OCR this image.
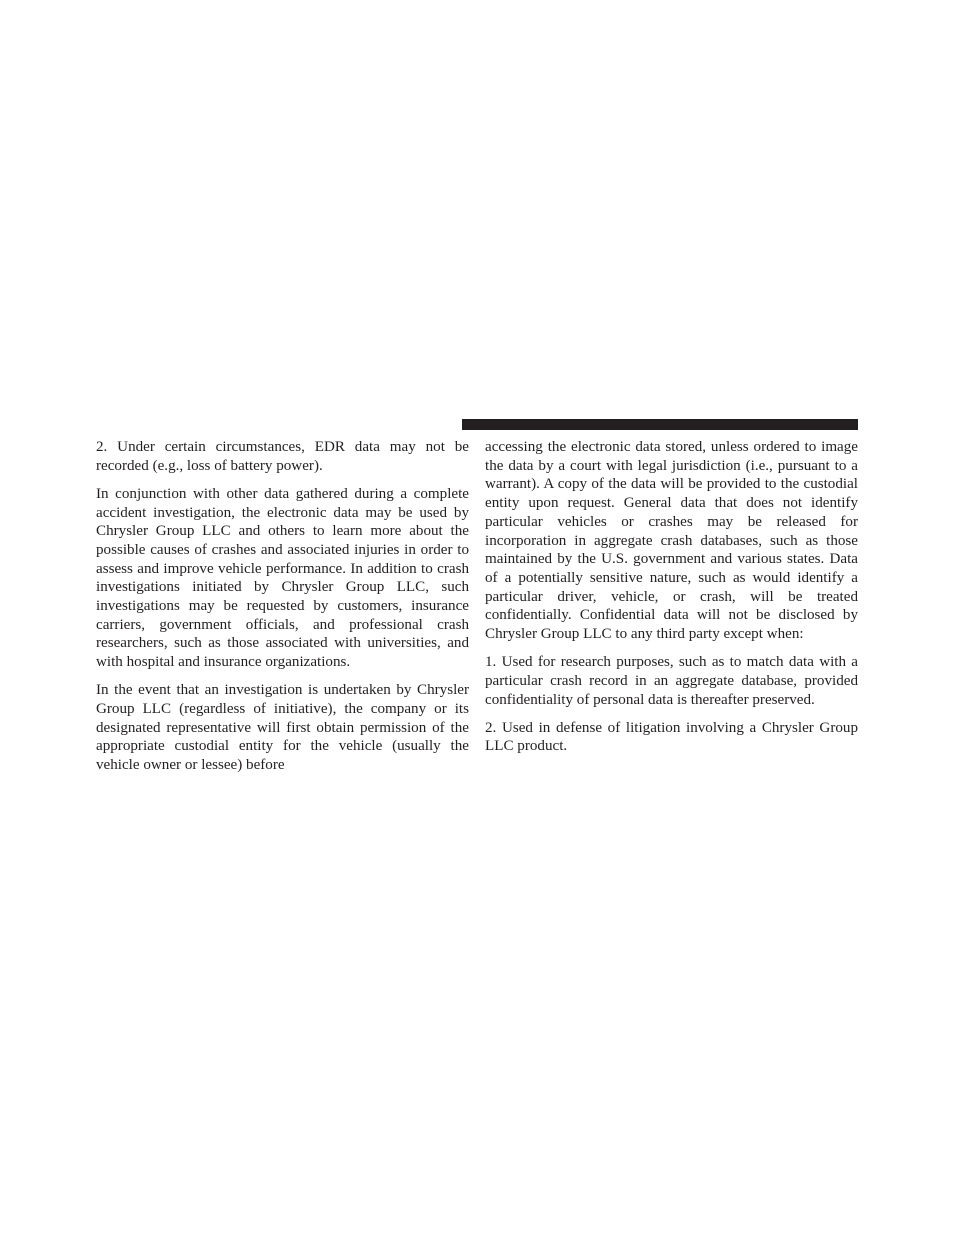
2. Under certain circumstances, EDR data may not be recorded (e.g., loss of battery power).

In conjunction with other data gathered during a complete accident investigation, the electronic data may be used by Chrysler Group LLC and others to learn more about the possible causes of crashes and associated injuries in order to assess and improve vehicle performance. In addition to crash investigations initiated by Chrysler Group LLC, such investigations may be requested by customers, insurance carriers, government officials, and professional crash researchers, such as those associated with universities, and with hospital and insurance organizations.

In the event that an investigation is undertaken by Chrysler Group LLC (regardless of initiative), the company or its designated representative will first obtain permission of the appropriate custodial entity for the vehicle (usually the vehicle owner or lessee) before

accessing the electronic data stored, unless ordered to image the data by a court with legal jurisdiction (i.e., pursuant to a warrant). A copy of the data will be provided to the custodial entity upon request. General data that does not identify particular vehicles or crashes may be released for incorporation in aggregate crash databases, such as those maintained by the U.S. government and various states. Data of a potentially sensitive nature, such as would identify a particular driver, vehicle, or crash, will be treated confidentially. Confidential data will not be disclosed by Chrysler Group LLC to any third party except when:

1. Used for research purposes, such as to match data with a particular crash record in an aggregate database, provided confidentiality of personal data is thereafter preserved.

2. Used in defense of litigation involving a Chrysler Group LLC product.
